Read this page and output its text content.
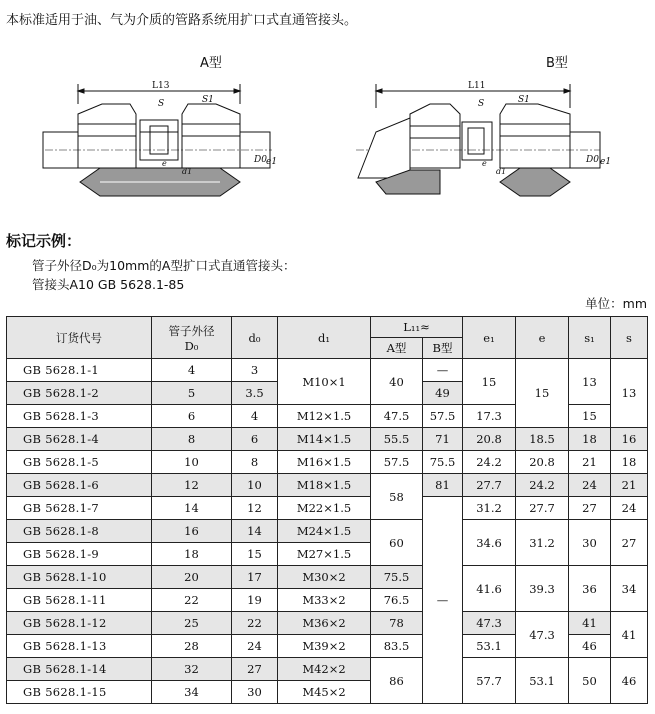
本标准适用于油、气为介质的管路系统用扩口式直通管接头。
A型	B型
L13
S	S1
e
d1
D0 e1
L11
S	S1
e
d1
D0 e1
标记示例：
管子外径D₀为10mm的A型扩口式直通管接头：
管接头A10 GB 5628.1-85
单位：mm
订货代号	管子外径
D₀	d₀	d₁	L₁₁≈		e₁	e	s₁	s
				A型	B型				
GB 5628.1-1	4	3	M10×1	40	—	15	15	13	13
GB 5628.1-2	5	3.5			49				
GB 5628.1-3	6	4	M12×1.5	47.5	57.5	17.3		15	
GB 5628.1-4	8	6	M14×1.5	55.5	71	20.8	18.5	18	16
GB 5628.1-5	10	8	M16×1.5	57.5	75.5	24.2	20.8	21	18
GB 5628.1-6	12	10	M18×1.5	58	81	27.7	24.2	24	21
GB 5628.1-7	14	12	M22×1.5		—	31.2	27.7	27	24
GB 5628.1-8	16	14	M24×1.5	60		34.6	31.2	30	27
GB 5628.1-9	18	15	M27×1.5						
GB 5628.1-10	20	17	M30×2	75.5		41.6	39.3	36	34
GB 5628.1-11	22	19	M33×2	76.5					
GB 5628.1-12	25	22	M36×2	78		47.3	47.3	41	41
GB 5628.1-13	28	24	M39×2	83.5		53.1		46	
GB 5628.1-14	32	27	M42×2	86		57.7	53.1	50	46
GB 5628.1-15	34	30	M45×2						
